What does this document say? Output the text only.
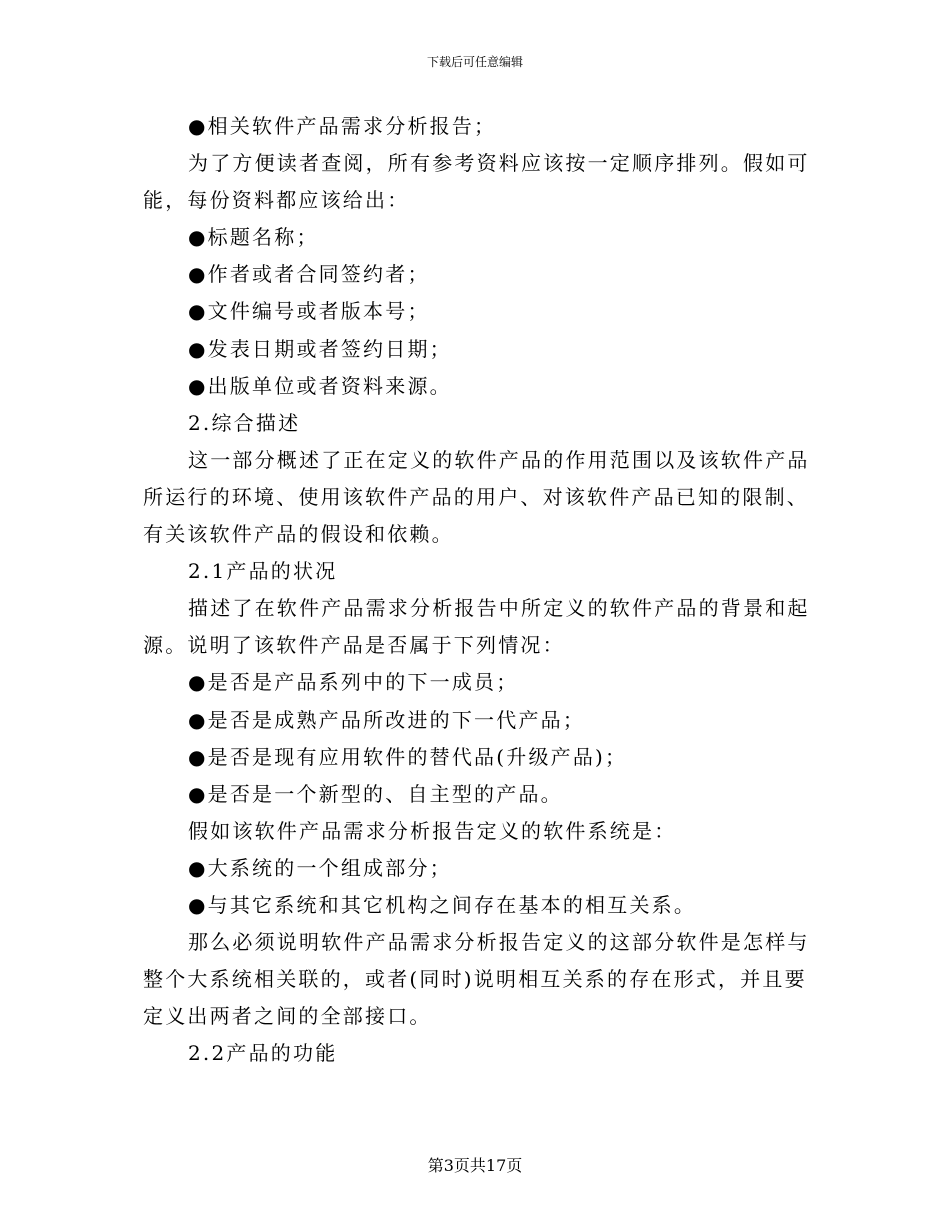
下载后可任意编辑

●相关软件产品需求分析报告；

为了方便读者查阅，所有参考资料应该按一定顺序排列。假如可

能，每份资料都应该给出：

●标题名称；

●作者或者合同签约者；

●文件编号或者版本号；

●发表日期或者签约日期；

●出版单位或者资料来源。

2.综合描述

这一部分概述了正在定义的软件产品的作用范围以及该软件产品

所运行的环境、使用该软件产品的用户、对该软件产品已知的限制、

有关该软件产品的假设和依赖。

2.1产品的状况

描述了在软件产品需求分析报告中所定义的软件产品的背景和起

源。说明了该软件产品是否属于下列情况：

●是否是产品系列中的下一成员；

●是否是成熟产品所改进的下一代产品；

●是否是现有应用软件的替代品(升级产品)；

●是否是一个新型的、自主型的产品。

假如该软件产品需求分析报告定义的软件系统是：

●大系统的一个组成部分；

●与其它系统和其它机构之间存在基本的相互关系。

那么必须说明软件产品需求分析报告定义的这部分软件是怎样与

整个大系统相关联的，或者(同时)说明相互关系的存在形式，并且要

定义出两者之间的全部接口。

2.2产品的功能

第3页共17页
